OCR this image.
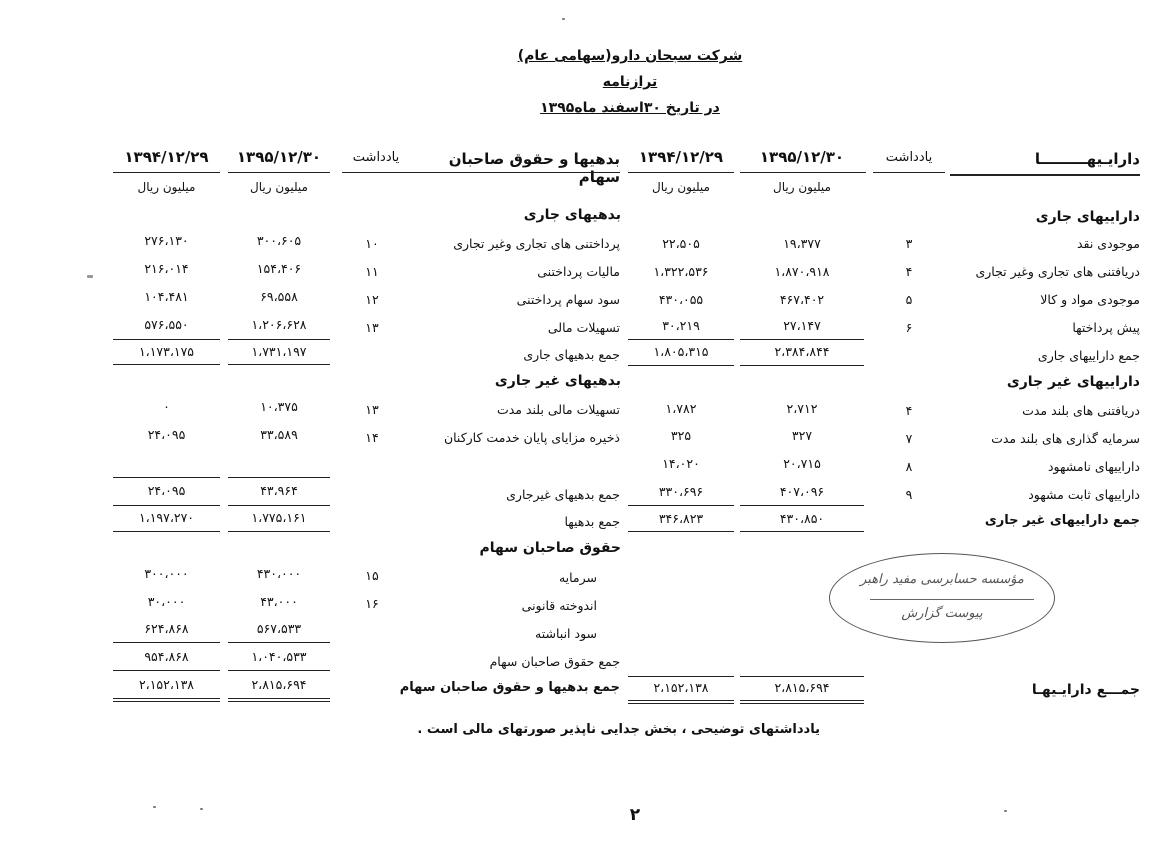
شرکت سبحان دارو(سهامی عام)
ترازنامه
در تاریخ ۳۰اسفند ماه۱۳۹۵
دارایـیهـــــــــا
یادداشت
۱۳۹۵/۱۲/۳۰
۱۳۹۴/۱۲/۲۹
بدهیها و حقوق صاحبان سهام
یادداشت
۱۳۹۵/۱۲/۳۰
۱۳۹۴/۱۲/۲۹
میلیون ریال
میلیون ریال
میلیون ریال
میلیون ریال
داراییهای جاری
موجودی نقد
۳
۱۹،۳۷۷
۲۲،۵۰۵
دریافتنی های تجاری وغیر تجاری
۴
۱،۸۷۰،۹۱۸
۱،۳۲۲،۵۳۶
موجودی مواد و کالا
۵
۴۶۷،۴۰۲
۴۳۰،۰۵۵
پیش پرداختها
۶
۲۷،۱۴۷
۳۰،۲۱۹
جمع داراییهای جاری
۲،۳۸۴،۸۴۴
۱،۸۰۵،۳۱۵
داراییهای غیر جاری
دریافتنی های بلند مدت
۴
۲،۷۱۲
۱،۷۸۲
سرمایه گذاری های بلند مدت
۷
۳۲۷
۳۲۵
داراییهای نامشهود
۸
۲۰،۷۱۵
۱۴،۰۲۰
داراییهای ثابت مشهود
۹
۴۰۷،۰۹۶
۳۳۰،۶۹۶
جمع داراییهای غیر جاری
۴۳۰،۸۵۰
۳۴۶،۸۲۳
جمـــع دارایـیهـا
۲،۸۱۵،۶۹۴
۲،۱۵۲،۱۳۸
بدهیهای جاری
پرداختنی های تجاری وغیر تجاری
۱۰
۳۰۰،۶۰۵
۲۷۶،۱۳۰
مالیات پرداختنی
۱۱
۱۵۴،۴۰۶
۲۱۶،۰۱۴
سود سهام پرداختنی
۱۲
۶۹،۵۵۸
۱۰۴،۴۸۱
تسهیلات مالی
۱۳
۱،۲۰۶،۶۲۸
۵۷۶،۵۵۰
جمع بدهیهای جاری
۱،۷۳۱،۱۹۷
۱،۱۷۳،۱۷۵
بدهیهای غیر جاری
تسهیلات مالی بلند مدت
۱۳
۱۰،۳۷۵
۰
ذخیره مزایای پایان خدمت کارکنان
۱۴
۳۳،۵۸۹
۲۴،۰۹۵
جمع بدهیهای غیرجاری
۴۳،۹۶۴
۲۴،۰۹۵
جمع بدهیها
۱،۷۷۵،۱۶۱
۱،۱۹۷،۲۷۰
حقوق صاحبان سهام
سرمایه
۱۵
۴۳۰،۰۰۰
۳۰۰،۰۰۰
اندوخته قانونی
۱۶
۴۳،۰۰۰
۳۰،۰۰۰
سود انباشته
۵۶۷،۵۳۳
۶۲۴،۸۶۸
جمع حقوق صاحبان سهام
۱،۰۴۰،۵۳۳
۹۵۴،۸۶۸
جمع بدهیها و حقوق صاحبان سهام
۲،۸۱۵،۶۹۴
۲،۱۵۲،۱۳۸
مؤسسه حسابرسی مفید راهبر
پیوست گزارش
یادداشتهای توضیحی ، بخش جدایی ناپذیر صورتهای مالی است .
۲
